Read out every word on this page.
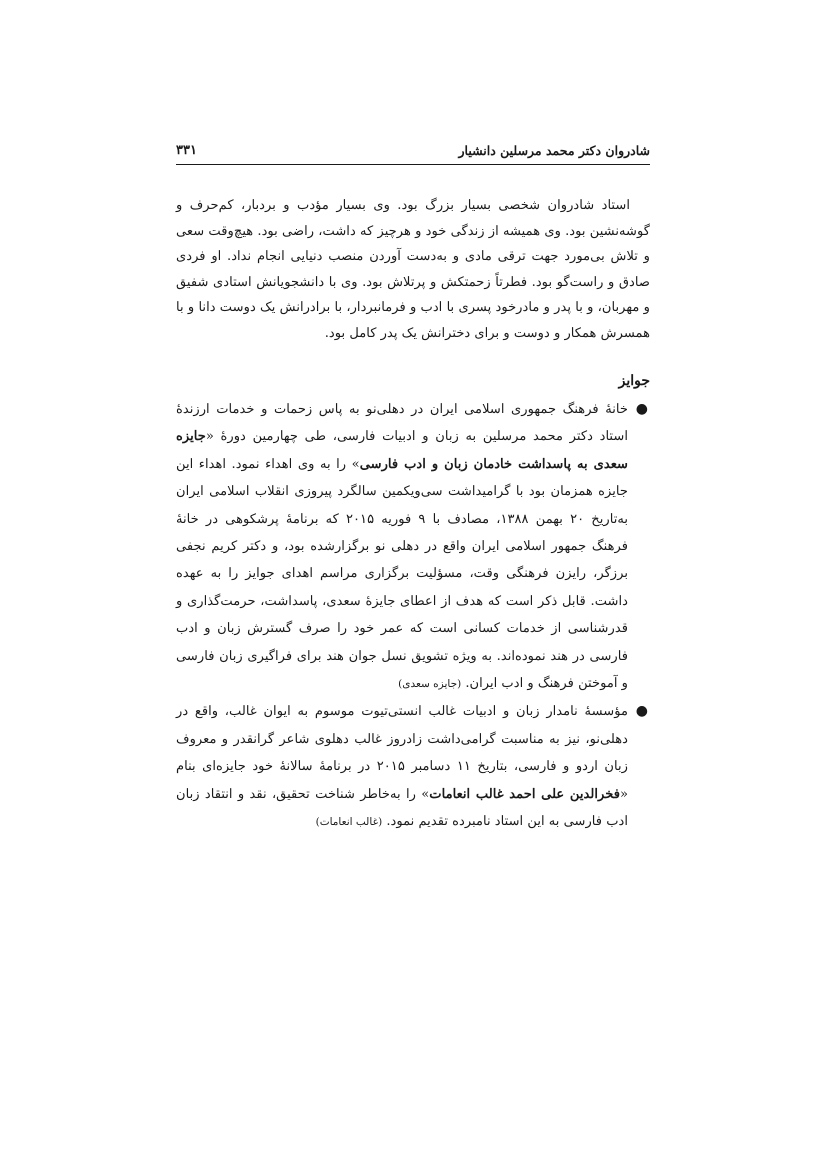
شادروان دکتر محمد مرسلین دانشیار
۳۳۱

استاد شادروان شخصی بسیار بزرگ بود. وی بسیار مؤدب و بردبار، کم‌حرف و گوشه‌نشین بود. وی همیشه از زندگی خود و هرچیز که داشت، راضی بود. هیچ‌وقت سعی و تلاش بی‌مورد جهت ترقی مادی و به‌دست آوردن منصب دنیایی انجام نداد. او فردی صادق و راست‌گو بود. فطرتاً زحمتکش و پرتلاش بود. وی با دانشجویانش استادی شفیق و مهربان، و با پدر و مادرخود پسری با ادب و فرمانبردار، با برادرانش یک دوست دانا و با همسرش همکار و دوست و برای دخترانش یک پدر کامل بود.

جوایز
●
خانهٔ فرهنگ جمهوری اسلامی ایران در دهلی‌نو به پاس زحمات و خدمات ارزندهٔ استاد دکتر محمد مرسلین به زبان و ادبیات فارسی، طی چهارمین دورهٔ «جایزه سعدی به پاسداشت خادمان زبان و ادب فارسی» را به وی اهداء نمود. اهداء این جایزه همزمان بود با گرامیداشت سی‌ویکمین سالگرد پیروزی انقلاب اسلامی ایران به‌تاریخ ۲۰ بهمن ۱۳۸۸، مصادف با ۹ فوریه ۲۰۱۵ که برنامهٔ پرشکوهی در خانهٔ فرهنگ جمهور اسلامی ایران واقع در دهلی نو برگزارشده بود، و دکتر کریم نجفی برزگر، رایزن فرهنگی وقت، مسؤلیت برگزاری مراسم اهدای جوایز را به عهده داشت. قابل ذکر است که هدف از اعطای جایزهٔ سعدی، پاسداشت، حرمت‌گذاری و قدرشناسی از خدمات کسانی است که عمر خود را صرف گسترش زبان و ادب فارسی در هند نموده‌اند. به ویژه تشویق نسل جوان هند برای فراگیری زبان فارسی و آموختن فرهنگ و ادب ایران. (جایزه سعدی)
●
مؤسسهٔ نامدار زبان و ادبیات غالب انستی‌تیوت موسوم به ایوان غالب، واقع در دهلی‌نو، نیز به مناسبت گرامی‌داشت زادروز غالب دهلوی شاعر گرانقدر و معروف زبان اردو و فارسی، بتاریخ ۱۱ دسامبر ۲۰۱۵ در برنامهٔ سالانهٔ خود جایزه‌ای بنام «فخرالدین علی احمد غالب انعامات» را به‌خاطر شناخت تحقیق، نقد و انتقاد زبان ادب فارسی به این استاد نامبرده تقدیم نمود. (غالب انعامات)
